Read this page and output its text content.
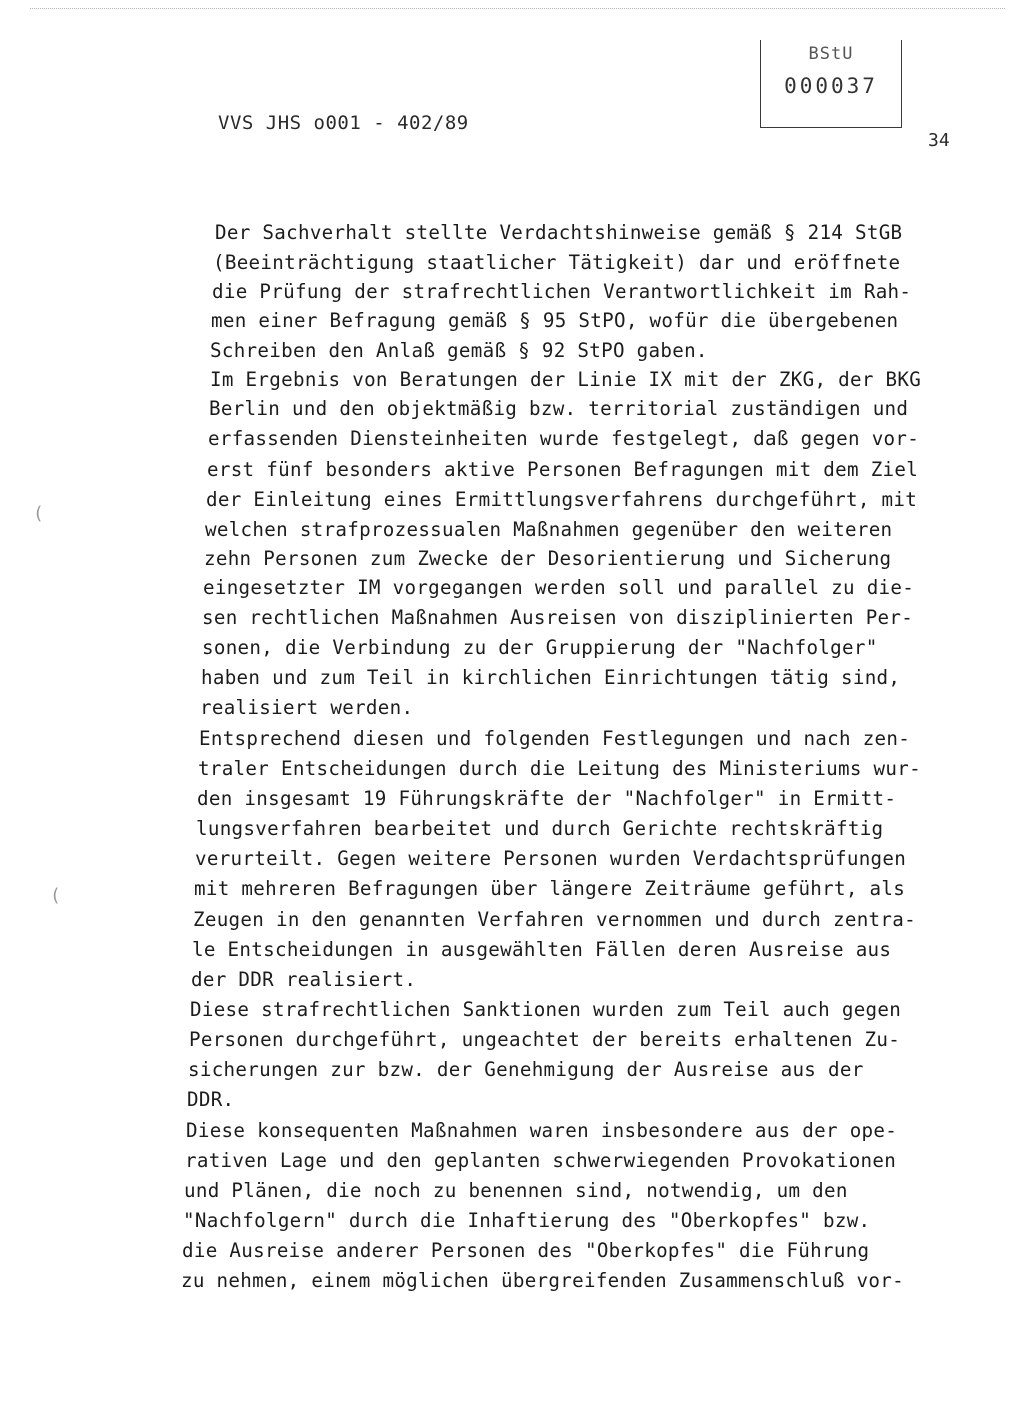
VVS JHS o001 - 402/89
BStU
000037
34
(
(
Der Sachverhalt stellte Verdachtshinweise gemäß § 214 StGB
(Beeinträchtigung staatlicher Tätigkeit) dar und eröffnete
die Prüfung der strafrechtlichen Verantwortlichkeit im Rah-
men einer Befragung gemäß § 95 StPO, wofür die übergebenen
Schreiben den Anlaß gemäß § 92 StPO gaben.
Im Ergebnis von Beratungen der Linie IX mit der ZKG, der BKG
Berlin und den objektmäßig bzw. territorial zuständigen und
erfassenden Diensteinheiten wurde festgelegt, daß gegen vor-
erst fünf besonders aktive Personen Befragungen mit dem Ziel
der Einleitung eines Ermittlungsverfahrens durchgeführt, mit
welchen strafprozessualen Maßnahmen gegenüber den weiteren
zehn Personen zum Zwecke der Desorientierung und Sicherung
eingesetzter IM vorgegangen werden soll und parallel zu die-
sen rechtlichen Maßnahmen Ausreisen von disziplinierten Per-
sonen, die Verbindung zu der Gruppierung der "Nachfolger"
haben und zum Teil in kirchlichen Einrichtungen tätig sind,
realisiert werden.
Entsprechend diesen und folgenden Festlegungen und nach zen-
traler Entscheidungen durch die Leitung des Ministeriums wur-
den insgesamt 19 Führungskräfte der "Nachfolger" in Ermitt-
lungsverfahren bearbeitet und durch Gerichte rechtskräftig
verurteilt. Gegen weitere Personen wurden Verdachtsprüfungen
mit mehreren Befragungen über längere Zeiträume geführt, als
Zeugen in den genannten Verfahren vernommen und durch zentra-
le Entscheidungen in ausgewählten Fällen deren Ausreise aus
der DDR realisiert.
Diese strafrechtlichen Sanktionen wurden zum Teil auch gegen
Personen durchgeführt, ungeachtet der bereits erhaltenen Zu-
sicherungen zur bzw. der Genehmigung der Ausreise aus der
DDR.
Diese konsequenten Maßnahmen waren insbesondere aus der ope-
rativen Lage und den geplanten schwerwiegenden Provokationen
und Plänen, die noch zu benennen sind, notwendig, um den
"Nachfolgern" durch die Inhaftierung des "Oberkopfes" bzw.
die Ausreise anderer Personen des "Oberkopfes" die Führung
zu nehmen, einem möglichen übergreifenden Zusammenschluß vor-
